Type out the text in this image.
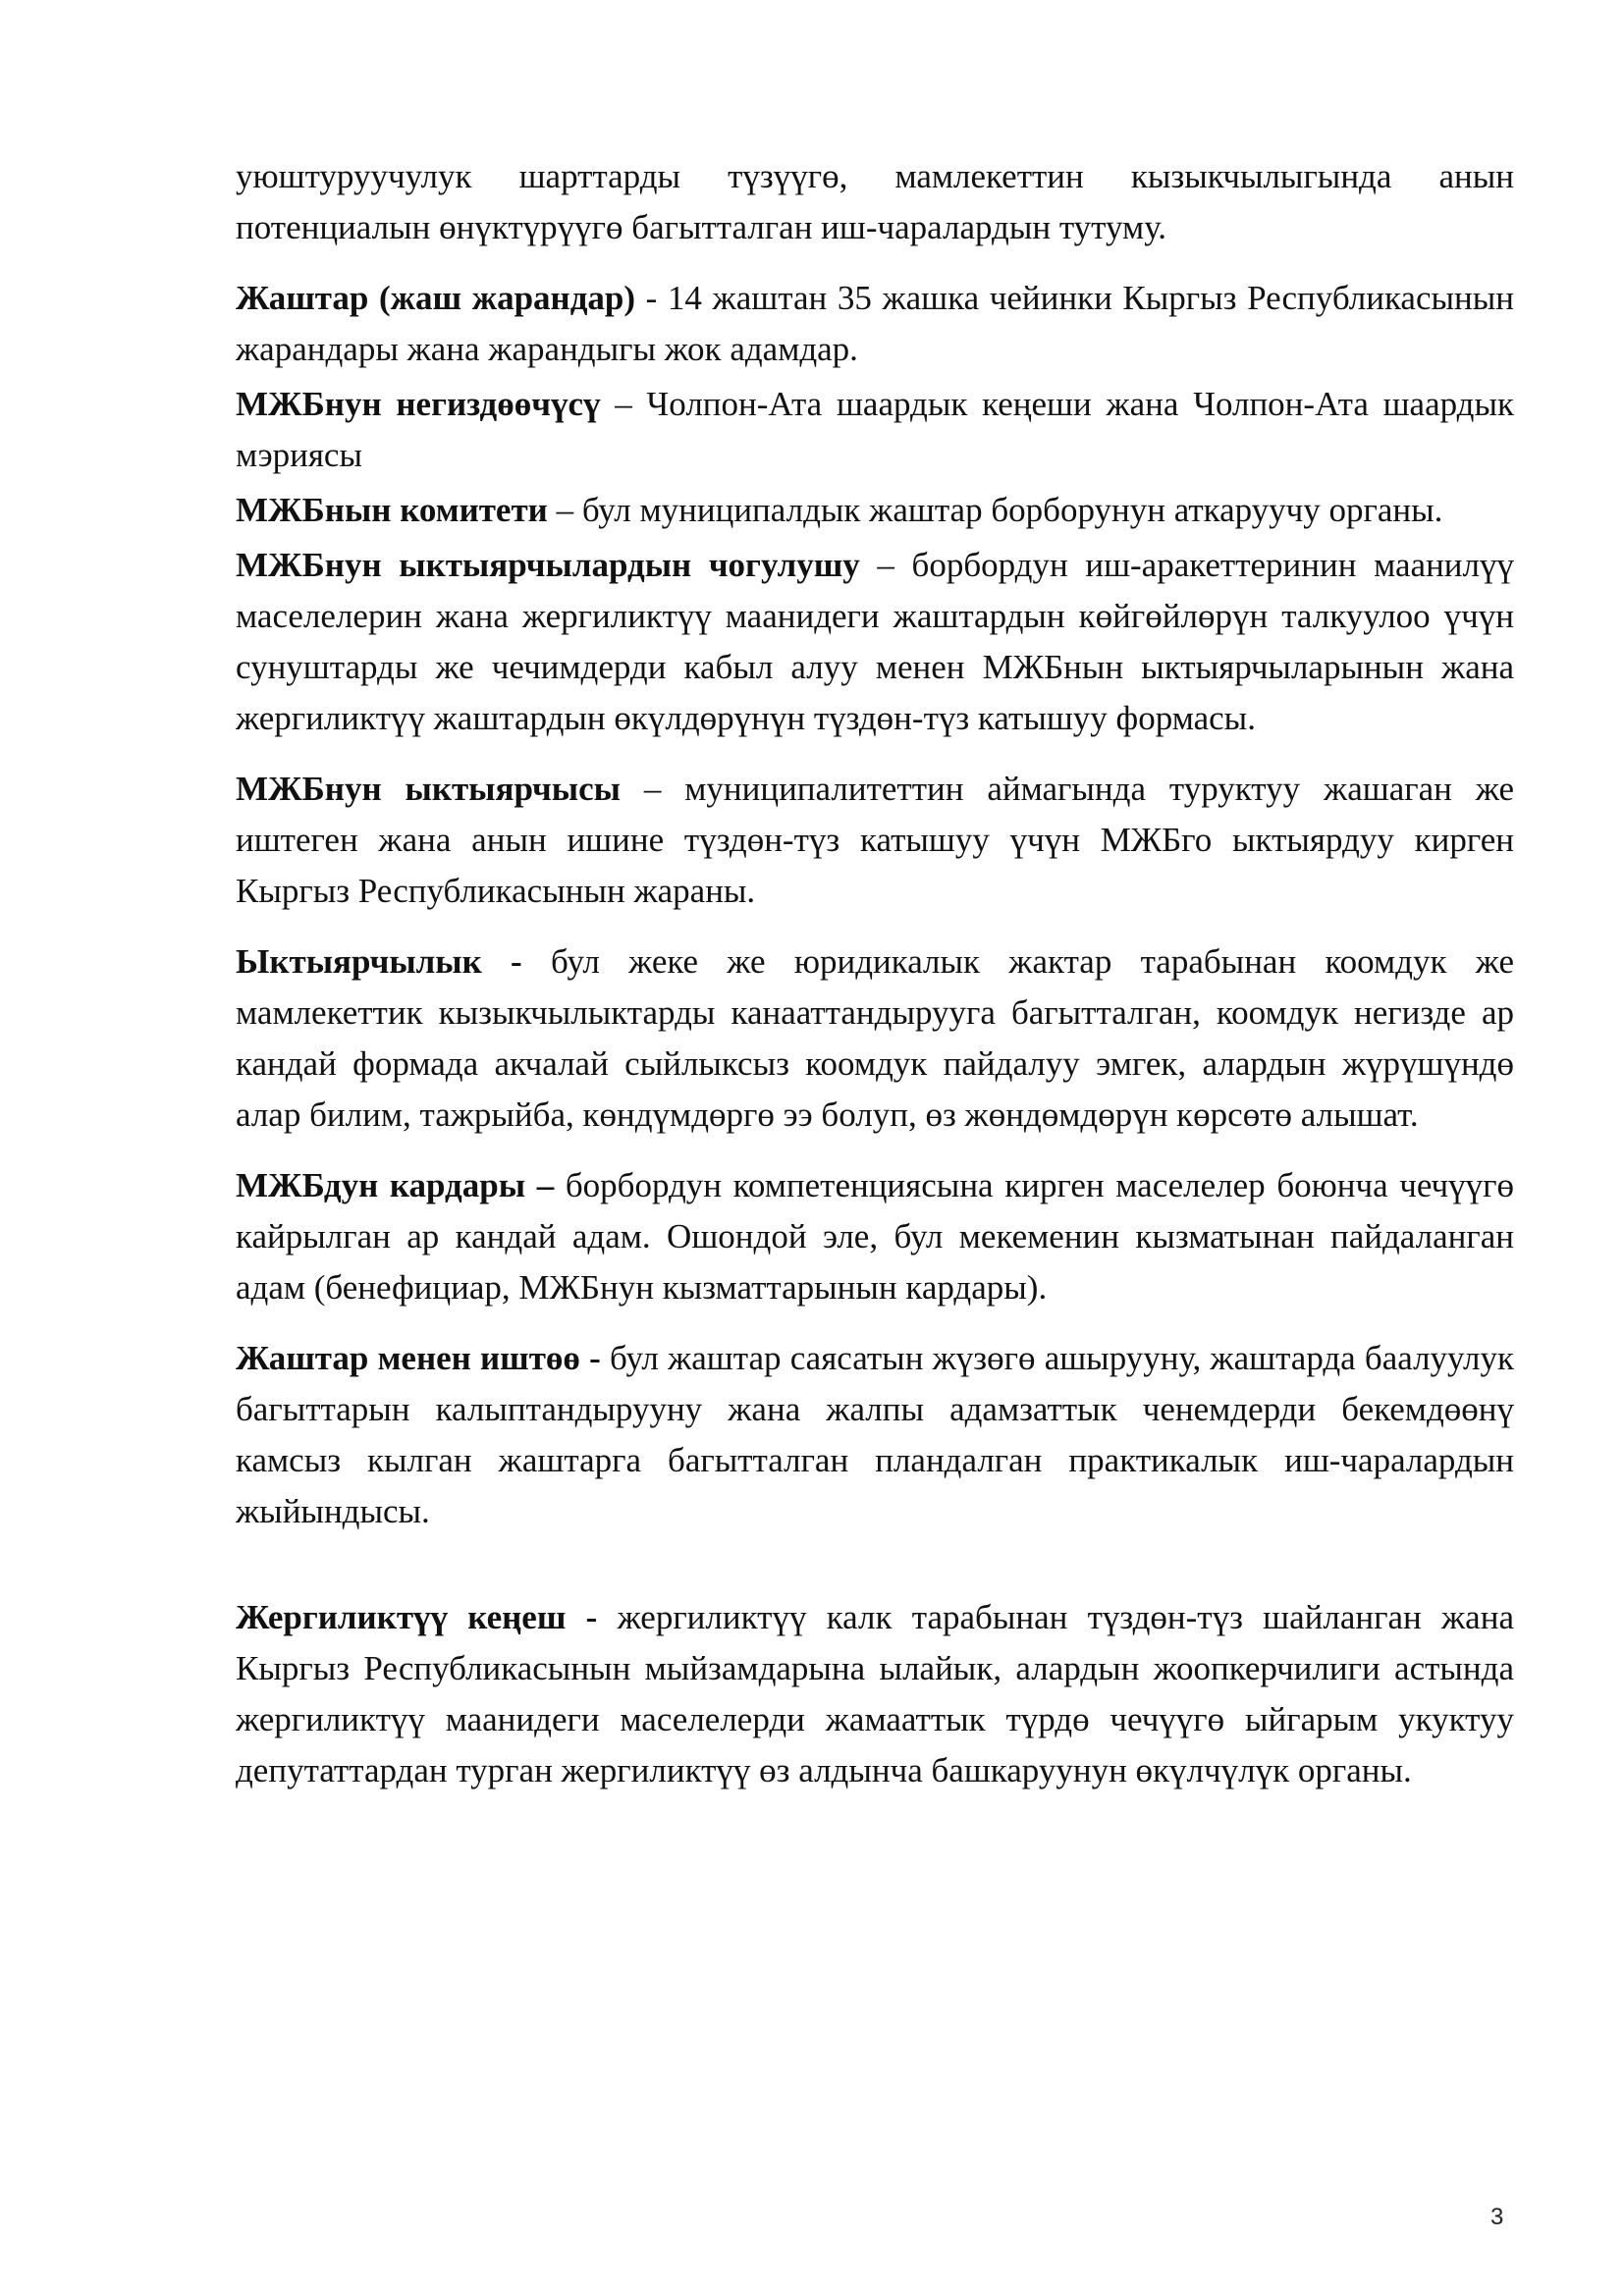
уюштуруучулук шарттарды түзүүгө, мамлекеттин кызыкчылыгында анын потенциалын өнүктүрүүгө багытталган иш-чаралардын тутуму.

Жаштар (жаш жарандар) - 14 жаштан 35 жашка чейинки Кыргыз Республикасынын жарандары жана жарандыгы жок адамдар.

МЖБнун негиздөөчүсү – Чолпон-Ата шаардык кеңеши жана Чолпон-Ата шаардык мэриясы

МЖБнын комитети – бул муниципалдык жаштар борборунун аткаруучу органы.

МЖБнун ыктыярчылардын чогулушу – борбордун иш-аракеттеринин маанилүү маселелерин жана жергиликтүү маанидеги жаштардын көйгөйлөрүн талкуулоо үчүн сунуштарды же чечимдерди кабыл алуу менен МЖБнын ыктыярчыларынын жана жергиликтүү жаштардын өкүлдөрүнүн түздөн-түз катышуу формасы.

МЖБнун ыктыярчысы – муниципалитеттин аймагында туруктуу жашаган же иштеген жана анын ишине түздөн-түз катышуу үчүн МЖБго ыктыярдуу кирген Кыргыз Республикасынын жараны.

Ыктыярчылык - бул жеке же юридикалык жактар тарабынан коомдук же мамлекеттик кызыкчылыктарды канааттандырууга багытталган, коомдук негизде ар кандай формада акчалай сыйлыксыз коомдук пайдалуу эмгек, алардын жүрүшүндө алар билим, тажрыйба, көндүмдөргө ээ болуп, өз жөндөмдөрүн көрсөтө алышат.

МЖБдун кардары – борбордун компетенциясына кирген маселелер боюнча чечүүгө кайрылган ар кандай адам. Ошондой эле, бул мекеменин кызматынан пайдаланган адам (бенефициар, МЖБнун кызматтарынын кардары).

Жаштар менен иштөө - бул жаштар саясатын жүзөгө ашырууну, жаштарда баалуулук багыттарын калыптандырууну жана жалпы адамзаттык ченемдерди бекемдөөнү камсыз кылган жаштарга багытталган пландалган практикалык иш-чаралардын жыйындысы.

Жергиликтүү кеңеш - жергиликтүү калк тарабынан түздөн-түз шайланган жана Кыргыз Республикасынын мыйзамдарына ылайык, алардын жоопкерчилиги астында жергиликтүү маанидеги маселелерди жамааттык түрдө чечүүгө ыйгарым укуктуу депутаттардан турган жергиликтүү өз алдынча башкаруунун өкүлчүлүк органы.

3
